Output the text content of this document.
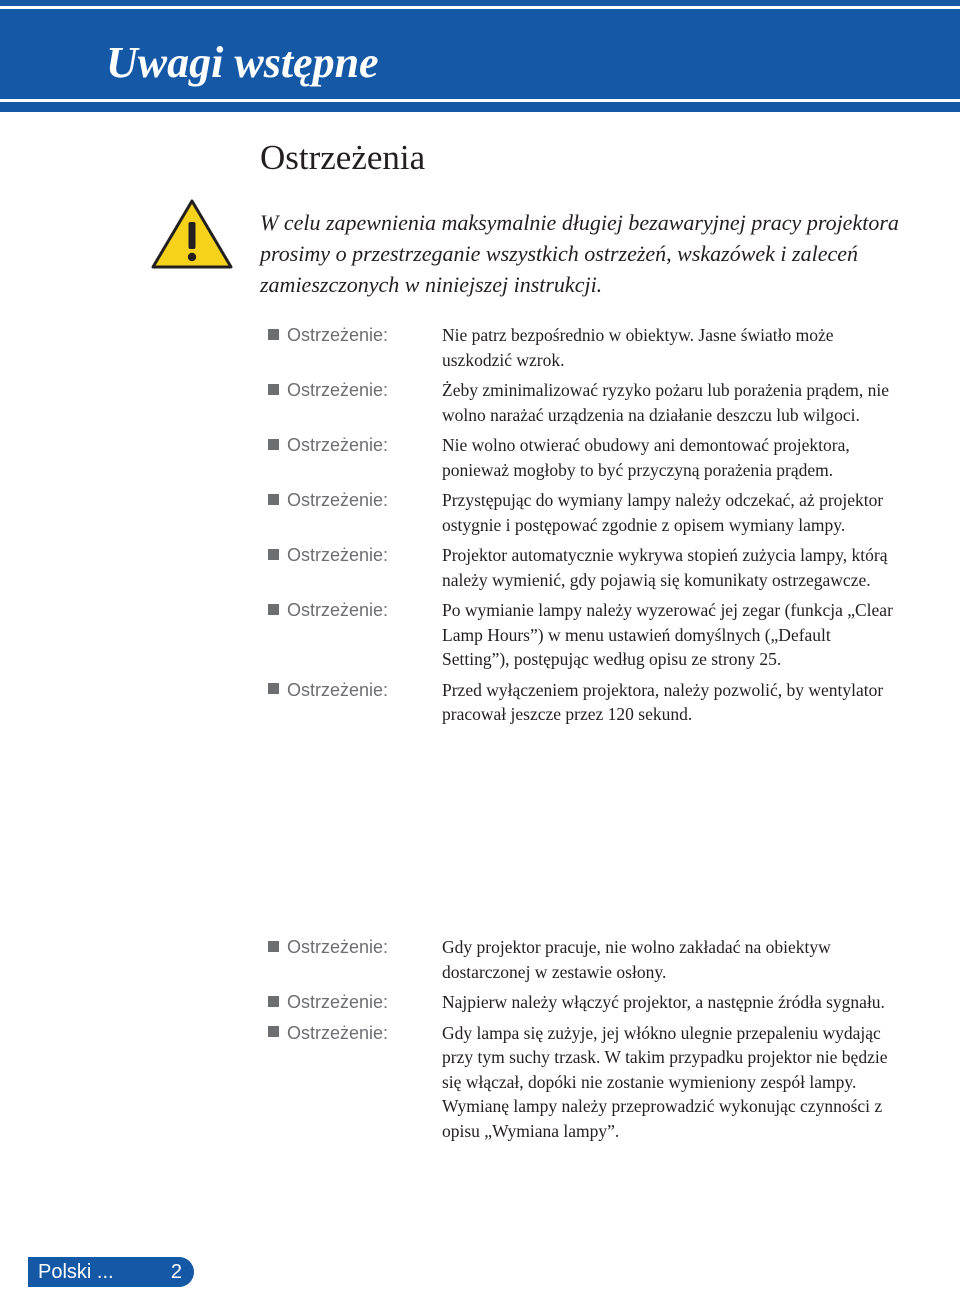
Uwagi wstępne
Ostrzeżenia

W celu zapewnienia maksymalnie długiej bezawaryjnej pracy projektora prosimy o przestrzeganie wszystkich ostrzeżeń, wskazówek i zaleceń zamieszczonych w niniejszej instrukcji.

Ostrzeżenie:	Nie patrz bezpośrednio w obiektyw. Jasne światło może uszkodzić wzrok.
Ostrzeżenie:	Żeby zminimalizować ryzyko pożaru lub porażenia prądem, nie wolno narażać urządzenia na działanie deszczu lub wilgoci.
Ostrzeżenie:	Nie wolno otwierać obudowy ani demontować projektora, ponieważ mogłoby to być przyczyną porażenia prądem.
Ostrzeżenie:	Przystępując do wymiany lampy należy odczekać, aż projektor ostygnie i postępować zgodnie z opisem wymiany lampy.
Ostrzeżenie:	Projektor automatycznie wykrywa stopień zużycia lampy, którą należy wymienić, gdy pojawią się komunikaty ostrzegawcze.
Ostrzeżenie:	Po wymianie lampy należy wyzerować jej zegar (funkcja „Clear Lamp Hours”) w menu ustawień domyślnych („Default Setting”), postępując według opisu ze strony 25.
Ostrzeżenie:	Przed wyłączeniem projektora, należy pozwolić, by wentylator pracował jeszcze przez 120 sekund.
Ostrzeżenie:	Gdy projektor pracuje, nie wolno zakładać na obiektyw dostarczonej w zestawie osłony.
Ostrzeżenie:	Najpierw należy włączyć projektor, a następnie źródła sygnału.
Ostrzeżenie:	Gdy lampa się zużyje, jej włókno ulegnie przepaleniu wydając przy tym suchy trzask. W takim przypadku projektor nie będzie się włączał, dopóki nie zostanie wymieniony zespół lampy. Wymianę lampy należy przeprowadzić wykonując czynności z opisu „Wymiana lampy”.
Polski ...	2
